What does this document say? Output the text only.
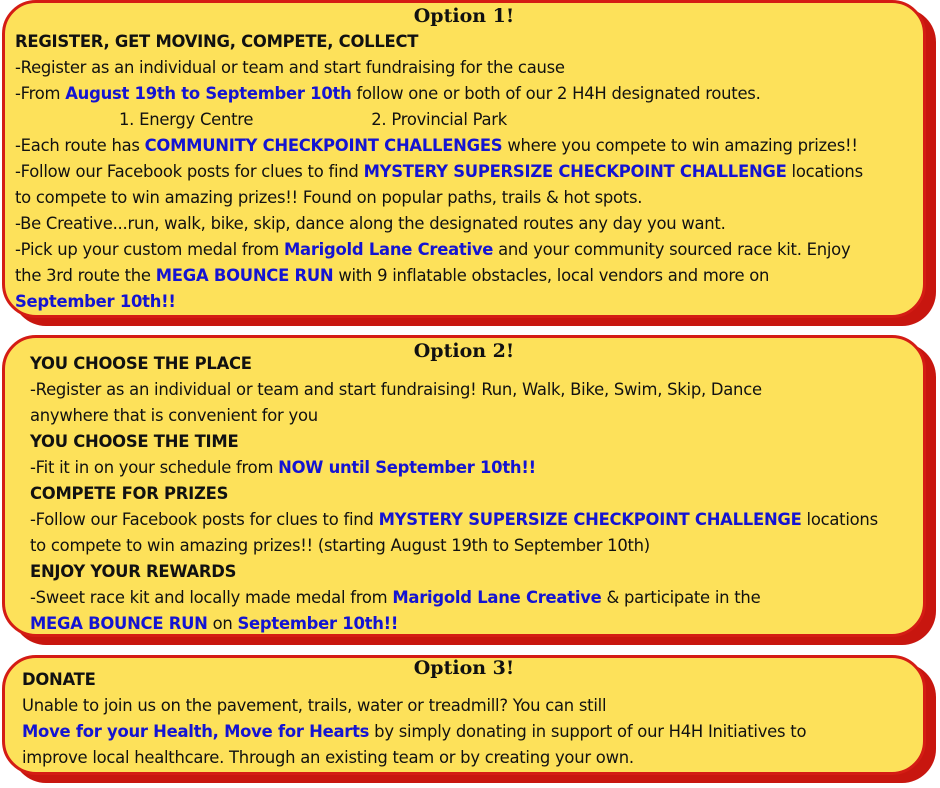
Option 1!
REGISTER, GET MOVING, COMPETE, COLLECT
-Register as an individual or team and start fundraising for the cause
-From August 19th to September 10th follow one or both of our 2 H4H designated routes.
1. Energy Centre	2. Provincial Park
-Each route has COMMUNITY CHECKPOINT CHALLENGES where you compete to win amazing prizes!!
-Follow our Facebook posts for clues to find MYSTERY SUPERSIZE CHECKPOINT CHALLENGE locations
to compete to win amazing prizes!! Found on popular paths, trails & hot spots.
-Be Creative...run, walk, bike, skip, dance along the designated routes any day you want.
-Pick up your custom medal from Marigold Lane Creative and your community sourced race kit. Enjoy
the 3rd route the MEGA BOUNCE RUN with 9 inflatable obstacles, local vendors and more on
September 10th!!
Option 2!
YOU CHOOSE THE PLACE
-Register as an individual or team and start fundraising! Run, Walk, Bike, Swim, Skip, Dance
anywhere that is convenient for you
YOU CHOOSE THE TIME
-Fit it in on your schedule from NOW until September 10th!!
COMPETE FOR PRIZES
-Follow our Facebook posts for clues to find MYSTERY SUPERSIZE CHECKPOINT CHALLENGE locations
to compete to win amazing prizes!! (starting August 19th to September 10th)
ENJOY YOUR REWARDS
-Sweet race kit and locally made medal from Marigold Lane Creative & participate in the
MEGA BOUNCE RUN on September 10th!!
Option 3!
DONATE
Unable to join us on the pavement, trails, water or treadmill? You can still
Move for your Health, Move for Hearts by simply donating in support of our H4H Initiatives to
improve local healthcare. Through an existing team or by creating your own.
